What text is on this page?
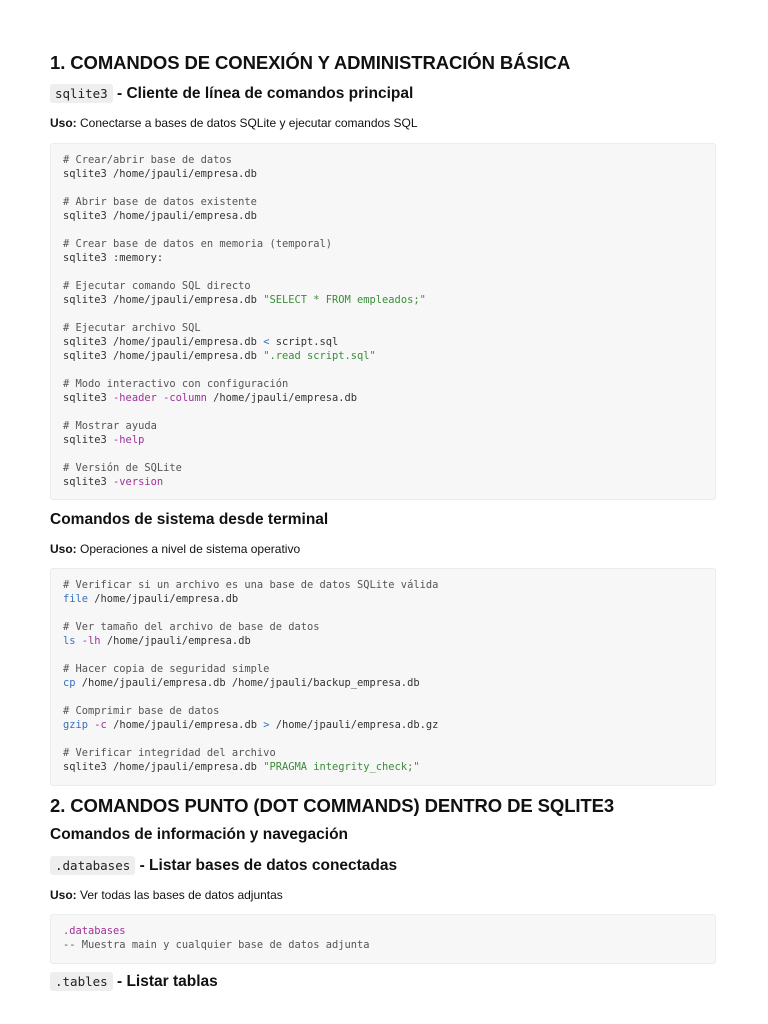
1. COMANDOS DE CONEXIÓN Y ADMINISTRACIÓN BÁSICA
sqlite3 - Cliente de línea de comandos principal
Uso: Conectarse a bases de datos SQLite y ejecutar comandos SQL
# Crear/abrir base de datos
sqlite3 /home/jpauli/empresa.db
# Abrir base de datos existente
sqlite3 /home/jpauli/empresa.db
# Crear base de datos en memoria (temporal)
sqlite3 :memory:
# Ejecutar comando SQL directo
sqlite3 /home/jpauli/empresa.db "SELECT * FROM empleados;"
# Ejecutar archivo SQL
sqlite3 /home/jpauli/empresa.db < script.sql
sqlite3 /home/jpauli/empresa.db ".read script.sql"
# Modo interactivo con configuración
sqlite3 -header -column /home/jpauli/empresa.db
# Mostrar ayuda
sqlite3 -help
# Versión de SQLite
sqlite3 -version
Comandos de sistema desde terminal
Uso: Operaciones a nivel de sistema operativo
# Verificar si un archivo es una base de datos SQLite válida
file /home/jpauli/empresa.db
# Ver tamaño del archivo de base de datos
ls -lh /home/jpauli/empresa.db
# Hacer copia de seguridad simple
cp /home/jpauli/empresa.db /home/jpauli/backup_empresa.db
# Comprimir base de datos
gzip -c /home/jpauli/empresa.db > /home/jpauli/empresa.db.gz
# Verificar integridad del archivo
sqlite3 /home/jpauli/empresa.db "PRAGMA integrity_check;"
2. COMANDOS PUNTO (DOT COMMANDS) DENTRO DE SQLITE3
Comandos de información y navegación
.databases - Listar bases de datos conectadas
Uso: Ver todas las bases de datos adjuntas
.databases
-- Muestra main y cualquier base de datos adjunta
.tables - Listar tablas
